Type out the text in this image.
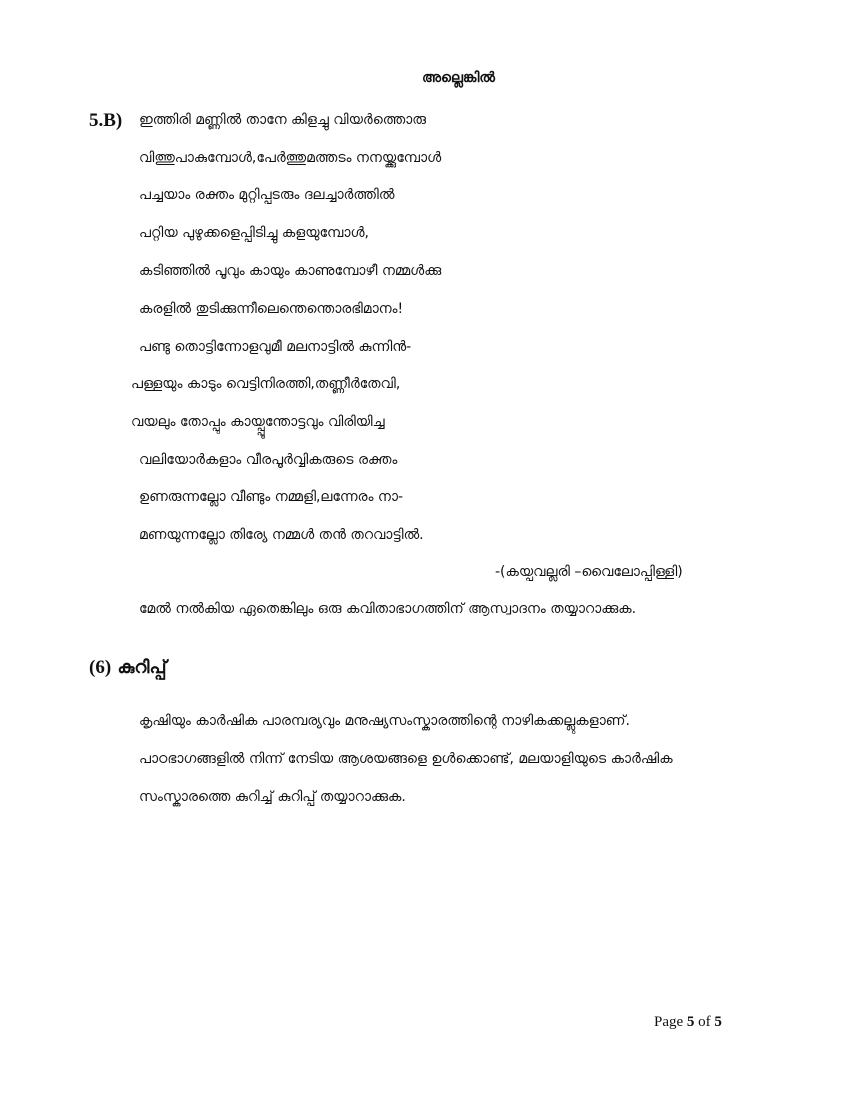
അല്ലെങ്കിൽ
5.B) ഇത്തിരി മണ്ണിൽ താനേ കിളച്ചു വിയർത്തൊരു
വിത്തുപാകുമ്പോൾ,പേർത്തുമത്തടം നനയ്ക്കുമ്പോൾ
പച്ചയാം രക്തം മുറ്റിപ്പടരും ദലച്ചാർത്തിൽ
പറ്റിയ പുഴുക്കളെപ്പിടിച്ചു കളയുമ്പോൾ,
കടിഞ്ഞിൽ പൂവും കായും കാണുമ്പോഴീ നമ്മൾക്കു
കരളിൽ തുടിക്കുന്നീലെന്തെന്തൊരഭിമാനം!
പണ്ടു തൊട്ടിന്നോളവുമീ മലനാട്ടിൽ കുന്നിൻ-
പള്ളയും കാടും വെട്ടിനിരത്തി,തണ്ണീർതേവി,
വയലും തോപ്പും കായ്പ്പൂന്തോട്ടവും വിരിയിച്ച
വലിയോർകളാം വീരപൂർവ്വികരുടെ രക്തം
ഉണരുന്നല്ലോ വീണ്ടും നമ്മളി,ലന്നേരം നാ-
മണയുന്നല്ലോ തിര്യേ നമ്മൾ തൻ തറവാട്ടിൽ.
-(കയ്പവല്ലരി –വൈലോപ്പിള്ളി)
മേൽ നൽകിയ ഏതെങ്കിലും ഒരു കവിതാഭാഗത്തിന് ആസ്വാദനം തയ്യാറാക്കുക.
(6) കുറിപ്പ്
കൃഷിയും കാർഷിക പാരമ്പര്യവും മനുഷ്യസംസ്കാരത്തിന്റെ നാഴികക്കല്ലുകളാണ്.
പാഠഭാഗങ്ങളിൽ നിന്ന് നേടിയ ആശയങ്ങളെ ഉൾക്കൊണ്ട്, മലയാളിയുടെ കാർഷിക
സംസ്കാരത്തെ കുറിച്ച് കുറിപ്പ് തയ്യാറാക്കുക.
Page 5 of 5
